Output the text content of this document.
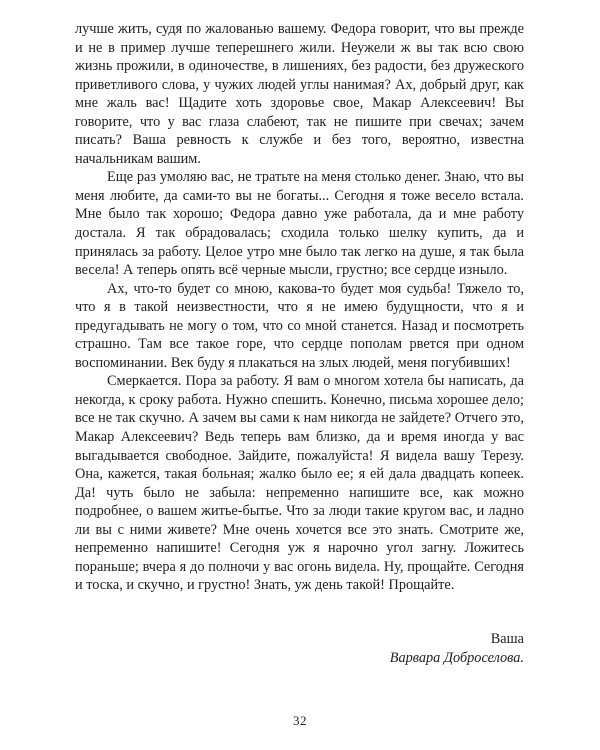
лучше жить, судя по жалованью вашему. Федора говорит, что вы прежде и не в пример лучше теперешнего жили. Неужели ж вы так всю свою жизнь прожили, в одиночестве, в лишениях, без радости, без дружеского приветливого слова, у чужих людей углы нанимая? Ах, добрый друг, как мне жаль вас! Щадите хоть здоровье свое, Макар Алексеевич! Вы говорите, что у вас глаза слабеют, так не пишите при свечах; зачем писать? Ваша ревность к службе и без того, вероятно, известна начальникам вашим.

Еще раз умоляю вас, не тратьте на меня столько денег. Знаю, что вы меня любите, да сами-то вы не богаты... Сегодня я тоже весело встала. Мне было так хорошо; Федора давно уже работала, да и мне работу достала. Я так обрадовалась; сходила только шелку купить, да и принялась за работу. Целое утро мне было так легко на душе, я так была весела! А теперь опять всё черные мысли, грустно; все сердце изныло.

Ах, что-то будет со мною, какова-то будет моя судьба! Тяжело то, что я в такой неизвестности, что я не имею будущности, что я и предугадывать не могу о том, что со мной станется. Назад и посмотреть страшно. Там все такое горе, что сердце пополам рвется при одном воспоминании. Век буду я плакаться на злых людей, меня погубивших!

Смеркается. Пора за работу. Я вам о многом хотела бы написать, да некогда, к сроку работа. Нужно спешить. Конечно, письма хорошее дело; все не так скучно. А зачем вы сами к нам никогда не зайдете? Отчего это, Макар Алексеевич? Ведь теперь вам близко, да и время иногда у вас выгадывается свободное. Зайдите, пожалуйста! Я видела вашу Терезу. Она, кажется, такая больная; жалко было ее; я ей дала двадцать копеек. Да! чуть было не забыла: непременно напишите все, как можно подробнее, о вашем житье-бытье. Что за люди такие кругом вас, и ладно ли вы с ними живете? Мне очень хочется все это знать. Смотрите же, непременно напишите! Сегодня уж я нарочно угол загну. Ложитесь пораньше; вчера я до полночи у вас огонь видела. Ну, прощайте. Сегодня и тоска, и скучно, и грустно! Знать, уж день такой! Прощайте.

Ваша
Варвара Доброселова.
32
